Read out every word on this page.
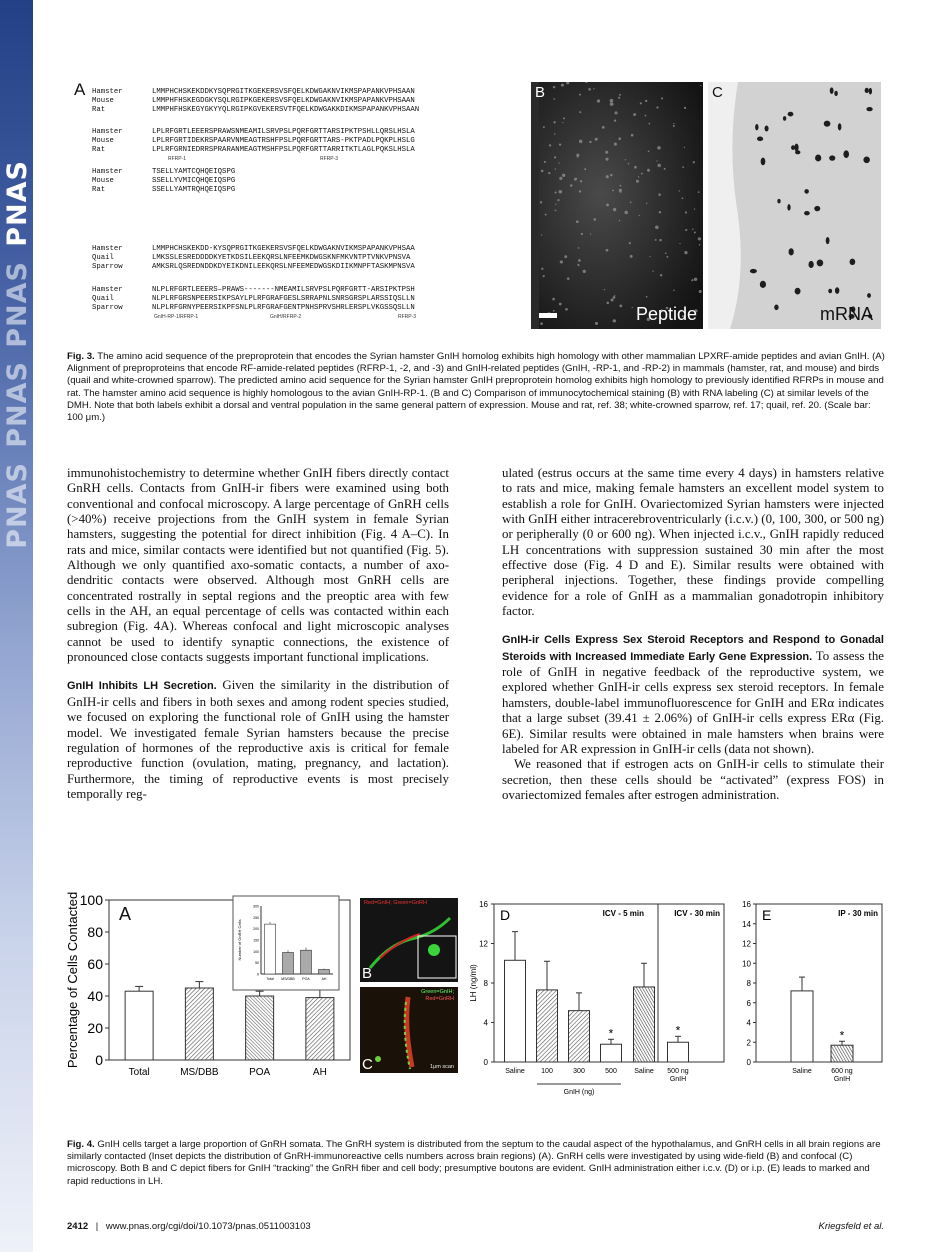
PNAS
PNAS
PNAS
PNAS
A Hamster	LMMPHCHSKEKDDKYSQPRGITKGEKERSVSFQELKDWGAKNVIKMSPAPANKVPHSAAN
Mouse	LMMPHFHSKEGDGKYSQLRGIPKGEKERSVSFQELKDWGAKNVIKMSPAPANKVPHSAAN
Rat	LMMPHFHSKEGYGKYYQLRGIPKGVEKERSVTFQELKDWGAKKDIKMSPAPANKVPHSAAN
Hamster	LPLRFGRTLEEERSPRAWSNMEAMILSRVPSLPQRFGRTTARSIPKTPSHLLQRSLHSLA
Mouse	LPLRFGRTIDEKRSPAARVNMEAGTRSHFPSLPQRFGRTTARS-PKTPADLPQKPLHSLG
Rat	LPLRFGRNIEDRRSPRARANMEAGTMSHFPSLPQRFGRTTARRITKTLAGLPQKSLHSLA
RFRP-1	RFRP-3
Hamster	TSELLYAMTCQHQEIQSPG
Mouse	SSELLYVMICQHQEIQSPG
Rat	SSELLYAMTRQHQEIQSPG
Hamster	LMMPHCHSKEKDD-KYSQPRGITKGEKERSVSFQELKDWGAKNVIKMSPAPANKVPHSAA
Quail	LMKSSLESREDDDDKYETKDSILEEKQRSLNFEEMKDWGSKNFMKVNTPTVNKVPNSVA
Sparrow	AMKSRLQSREDNDDKDYEIKDNILEEKQRSLNFEEMEDWGSKDIIKMNPFTASKMPNSVA
Hamster	NLPLRFGRTLEEERS–PRAWS-------NMEAMILSRVPSLPQRFGRTT-ARSIPKTPSH
Quail	NLPLRFGRSNPEERSIKPSAYLPLRFGRAFGESLSRRAPNLSNRSGRSPLARSSIQSLLN
Sparrow	NLPLRFGRNYPEERSIKPFSNLPLRFGRAFGENTPNHSPRVSHRLERSPLVKGSSQSLLN
GnIH-RP-1/RFRP-1	GnIH/RFRP-2	RFRP-3
B
Peptide
C
mRNA
Fig. 3. The amino acid sequence of the preproprotein that encodes the Syrian hamster GnIH homolog exhibits high homology with other mammalian LPXRF-amide peptides and avian GnIH. (A) Alignment of preproproteins that encode RF-amide-related peptides (RFRP-1, -2, and -3) and GnIH-related peptides (GnIH, -RP-1, and -RP-2) in mammals (hamster, rat, and mouse) and birds (quail and white-crowned sparrow). The predicted amino acid sequence for the Syrian hamster GnIH preproprotein homolog exhibits high homology to previously identified RFRPs in mouse and rat. The hamster amino acid sequence is highly homologous to the avian GnIH-RP-1. (B and C) Comparison of immunocytochemical staining (B) with RNA labeling (C) at similar levels of the DMH. Note that both labels exhibit a dorsal and ventral population in the same general pattern of expression. Mouse and rat, ref. 38; white-crowned sparrow, ref. 17; quail, ref. 20. (Scale bar: 100 μm.)

immunohistochemistry to determine whether GnIH fibers directly contact GnRH cells. Contacts from GnIH-ir fibers were examined using both conventional and confocal microscopy. A large percentage of GnRH cells (>40%) receive projections from the GnIH system in female Syrian hamsters, suggesting the potential for direct inhibition (Fig. 4 A–C). In rats and mice, similar contacts were identified but not quantified (Fig. 5). Although we only quantified axo-somatic contacts, a number of axo-dendritic contacts were observed. Although most GnRH cells are concentrated rostrally in septal regions and the preoptic area with few cells in the AH, an equal percentage of cells was contacted within each subregion (Fig. 4A). Whereas confocal and light microscopic analyses cannot be used to identify synaptic connections, the existence of pronounced close contacts suggests important functional implications.

GnIH Inhibits LH Secretion. Given the similarity in the distribution of GnIH-ir cells and fibers in both sexes and among rodent species studied, we focused on exploring the functional role of GnIH using the hamster model. We investigated female Syrian hamsters because the precise regulation of hormones of the reproductive axis is critical for female reproductive function (ovulation, mating, pregnancy, and lactation). Furthermore, the timing of reproductive events is most precisely temporally reg-

ulated (estrus occurs at the same time every 4 days) in hamsters relative to rats and mice, making female hamsters an excellent model system to establish a role for GnIH. Ovariectomized Syrian hamsters were injected with GnIH either intracerebroventricularly (i.c.v.) (0, 100, 300, or 500 ng) or peripherally (0 or 600 ng). When injected i.c.v., GnIH rapidly reduced LH concentrations with suppression sustained 30 min after the most effective dose (Fig. 4 D and E). Similar results were obtained with peripheral injections. Together, these findings provide compelling evidence for a role of GnIH as a mammalian gonadotropin inhibitory factor.

GnIH-ir Cells Express Sex Steroid Receptors and Respond to Gonadal Steroids with Increased Immediate Early Gene Expression. To assess the role of GnIH in negative feedback of the reproductive system, we explored whether GnIH-ir cells express sex steroid receptors. In female hamsters, double-label immunofluorescence for GnIH and ERα indicates that a large subset (39.41 ± 2.06%) of GnIH-ir cells express ERα (Fig. 6E). Similar results were obtained in male hamsters when brains were labeled for AR expression in GnIH-ir cells (data not shown).

We reasoned that if estrogen acts on GnIH-ir cells to stimulate their secretion, then these cells should be “activated” (express FOS) in ovariectomized females after estrogen administration.

0
20
40
60
80
100
Percentage of Cells Contacted
Total	MS/DBB	POA	AH
0
50
100
150
200
250
300
Number of GnRH Cells
Total MS/DBB POA	AH
A
Red=GnIH; Green=GnRH
B
Green=GnIH;
Red=GnRH
1μm scan
C	0
4
8
12
16
LH (ng/ml)
D	ICV - 5 min	ICV - 30 min
Saline 100	300
*
500 Saline
*
500 ng
GnIH
GnIH (ng)
0
2
4
6
8
10
12
14
16
E	IP - 30 min
Saline
*
600 ng
GnIH
Fig. 4. GnIH cells target a large proportion of GnRH somata. The GnRH system is distributed from the septum to the caudal aspect of the hypothalamus, and GnRH cells in all brain regions are similarly contacted (Inset depicts the distribution of GnRH-immunoreactive cells numbers across brain regions) (A). GnRH cells were investigated by using wide-field (B) and confocal (C) microscopy. Both B and C depict fibers for GnIH “tracking” the GnRH fiber and cell body; presumptive boutons are evident. GnIH administration either i.c.v. (D) or i.p. (E) leads to marked and rapid reductions in LH.
2412 | www.pnas.org/cgi/doi/10.1073/pnas.0511003103	Kriegsfeld et al.
